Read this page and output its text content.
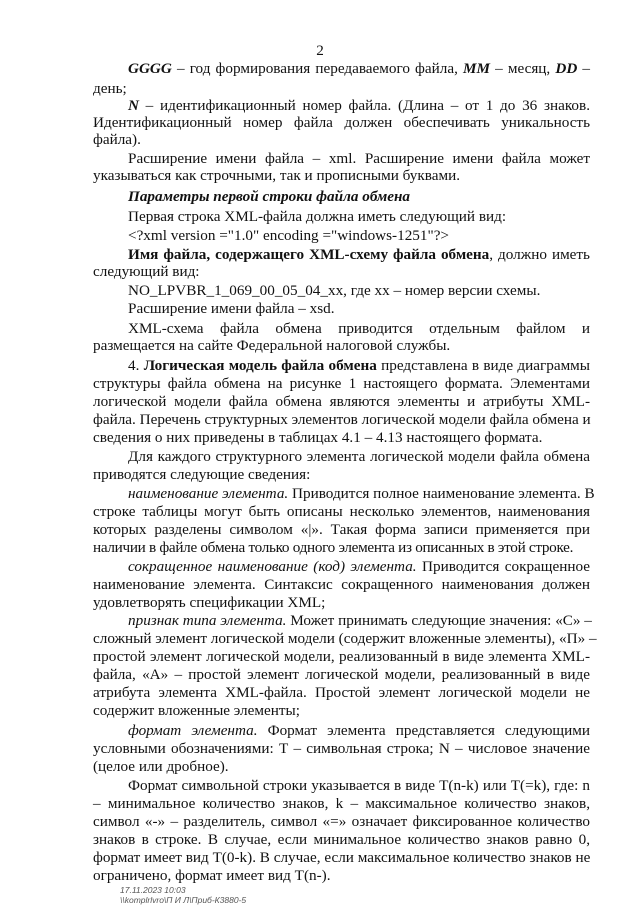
2
GGGG – год формирования передаваемого файла, MM – месяц, DD –
день;
N – идентификационный номер файла. (Длина – от 1 до 36 знаков.
Идентификационный номер файла должен обеспечивать уникальность
файла).
Расширение имени файла – xml. Расширение имени файла может
указываться как строчными, так и прописными буквами.
Параметры первой строки файла обмена
Первая строка XML-файла должна иметь следующий вид:
<?xml version ="1.0" encoding ="windows-1251"?>
Имя файла, содержащего XML-схему файла обмена, должно иметь
следующий вид:
NO_LPVBR_1_069_00_05_04_xx, где xx – номер версии схемы.
Расширение имени файла – xsd.
XML-схема файла обмена приводится отдельным файлом и
размещается на сайте Федеральной налоговой службы.
4. Логическая модель файла обмена представлена в виде диаграммы
структуры файла обмена на рисунке 1 настоящего формата. Элементами
логической модели файла обмена являются элементы и атрибуты XML-
файла. Перечень структурных элементов логической модели файла обмена и
сведения о них приведены в таблицах 4.1 – 4.13 настоящего формата.
Для каждого структурного элемента логической модели файла обмена
приводятся следующие сведения:
наименование элемента. Приводится полное наименование элемента. В
строке таблицы могут быть описаны несколько элементов, наименования
которых разделены символом «|». Такая форма записи применяется при
наличии в файле обмена только одного элемента из описанных в этой строке.
сокращенное наименование (код) элемента. Приводится сокращенное
наименование элемента. Синтаксис сокращенного наименования должен
удовлетворять спецификации XML;
признак типа элемента. Может принимать следующие значения: «С» –
сложный элемент логической модели (содержит вложенные элементы), «П» –
простой элемент логической модели, реализованный в виде элемента XML-
файла, «А» – простой элемент логической модели, реализованный в виде
атрибута элемента XML-файла. Простой элемент логической модели не
содержит вложенные элементы;
формат элемента. Формат элемента представляется следующими
условными обозначениями: Т – символьная строка; N – числовое значение
(целое или дробное).
Формат символьной строки указывается в виде T(n-k) или T(=k), где: n
– минимальное количество знаков, k – максимальное количество знаков,
символ «-» – разделитель, символ «=» означает фиксированное количество
знаков в строке. В случае, если минимальное количество знаков равно 0,
формат имеет вид T(0-k). В случае, если максимальное количество знаков не
ограничено, формат имеет вид T(n-).
17.11.2023 10:03
\\komplrlvro\П И Л\Приб-К3880-5
